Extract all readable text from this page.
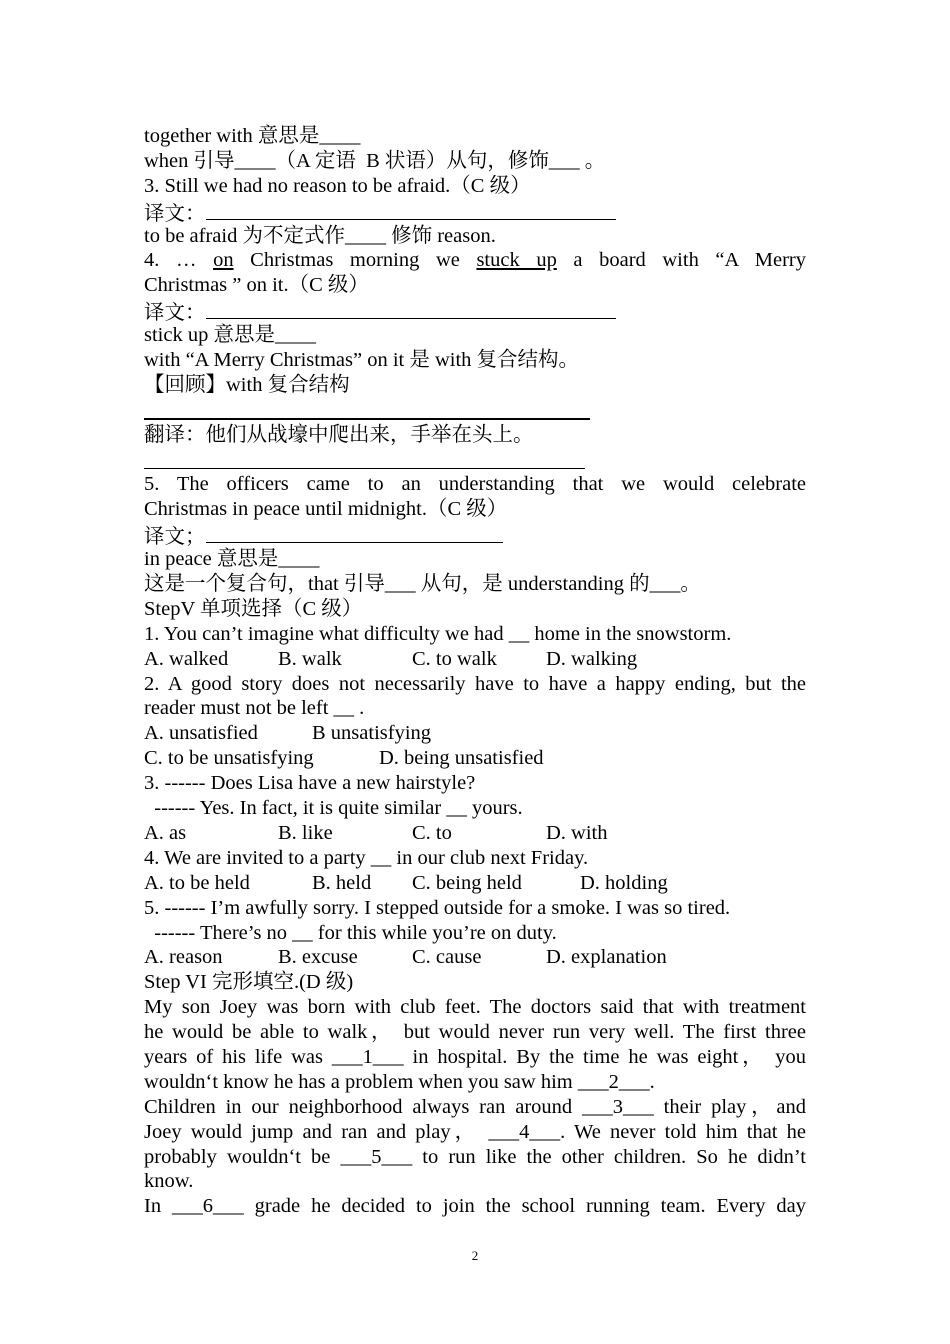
together with 意思是____
when 引导____（A 定语  B 状语）从句，修饰___ 。
3. Still we had no reason to be afraid.（C 级）
译文：
to be afraid 为不定式作____ 修饰 reason.
4. … on Christmas morning we stuck up a board with “A Merry
Christmas ” on it.（C 级）
译文：
stick up 意思是____
with “A Merry Christmas” on it 是 with 复合结构。
【回顾】with 复合结构
翻译：他们从战壕中爬出来，手举在头上。
5. The officers came to an understanding that we would celebrate
Christmas in peace until midnight.（C 级）
译文；
in peace 意思是____
这是一个复合句，that 引导___ 从句，是 understanding 的___。
StepV 单项选择（C 级）
1. You can’t imagine what difficulty we had __ home in the snowstorm.
A. walked	B. walk	C. to walk	D. walking
2. A good story does not necessarily have to have a happy ending, but the
reader must not be left __ .
A. unsatisfied	B unsatisfying
C. to be unsatisfying	D. being unsatisfied
3. ------ Does Lisa have a new hairstyle?
------ Yes. In fact, it is quite similar __ yours.
A. as	B. like	C. to	D. with
4. We are invited to a party __ in our club next Friday.
A. to be held	B. held	C. being held	D. holding
5. ------ I’m awfully sorry. I stepped outside for a smoke. I was so tired.
------ There’s no __ for this while you’re on duty.
A. reason	B. excuse	C. cause	D. explanation
Step VI 完形填空.(D 级)
My son Joey was born with club feet. The doctors said that with treatment
he would be able to walk， but would never run very well. The first three
years of his life was ___1___ in hospital. By the time he was eight， you
wouldn‘t know he has a problem when you saw him ___2___.
Children in our neighborhood always ran around ___3___ their play，and
Joey would jump and ran and play， ___4___. We never told him that he
probably wouldn‘t be ___5___ to run like the other children. So he didn’t
know.
In ___6___ grade he decided to join the school running team. Every day
2
